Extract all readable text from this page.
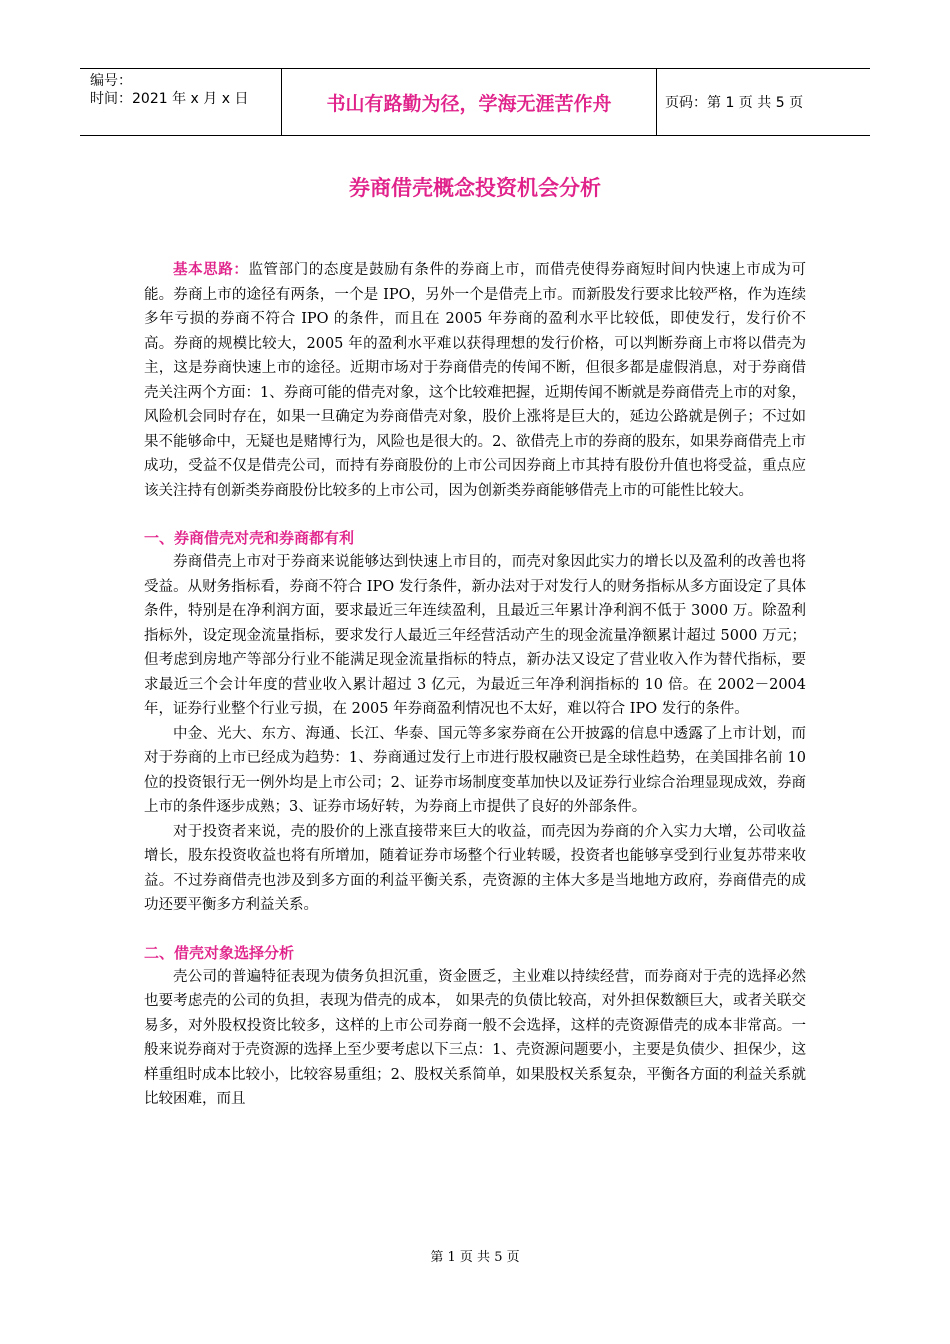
编号：
时间：2021 年 x 月 x 日	书山有路勤为径，学海无涯苦作舟	页码：第 1 页 共 5 页
券商借壳概念投资机会分析

基本思路：监管部门的态度是鼓励有条件的券商上市，而借壳使得券商短时间内快速上市成为可能。券商上市的途径有两条，一个是 IPO，另外一个是借壳上市。而新股发行要求比较严格，作为连续多年亏损的券商不符合 IPO 的条件，而且在 2005 年券商的盈利水平比较低，即使发行，发行价不高。券商的规模比较大，2005 年的盈利水平难以获得理想的发行价格，可以判断券商上市将以借壳为主，这是券商快速上市的途径。近期市场对于券商借壳的传闻不断，但很多都是虚假消息，对于券商借壳关注两个方面：1、券商可能的借壳对象，这个比较难把握，近期传闻不断就是券商借壳上市的对象，风险机会同时存在，如果一旦确定为券商借壳对象，股价上涨将是巨大的，延边公路就是例子；不过如果不能够命中，无疑也是赌博行为，风险也是很大的。2、欲借壳上市的券商的股东，如果券商借壳上市成功，受益不仅是借壳公司，而持有券商股份的上市公司因券商上市其持有股份升值也将受益，重点应该关注持有创新类券商股份比较多的上市公司，因为创新类券商能够借壳上市的可能性比较大。

一、券商借壳对壳和券商都有利

券商借壳上市对于券商来说能够达到快速上市目的，而壳对象因此实力的增长以及盈利的改善也将受益。从财务指标看，券商不符合 IPO 发行条件，新办法对于对发行人的财务指标从多方面设定了具体条件，特别是在净利润方面，要求最近三年连续盈利，且最近三年累计净利润不低于 3000 万。除盈利指标外，设定现金流量指标，要求发行人最近三年经营活动产生的现金流量净额累计超过 5000 万元；但考虑到房地产等部分行业不能满足现金流量指标的特点，新办法又设定了营业收入作为替代指标，要求最近三个会计年度的营业收入累计超过 3 亿元，为最近三年净利润指标的 10 倍。在 2002－2004 年，证券行业整个行业亏损，在 2005 年券商盈利情况也不太好，难以符合 IPO 发行的条件。

中金、光大、东方、海通、长江、华泰、国元等多家券商在公开披露的信息中透露了上市计划，而对于券商的上市已经成为趋势：1、券商通过发行上市进行股权融资已是全球性趋势，在美国排名前 10 位的投资银行无一例外均是上市公司；2、证券市场制度变革加快以及证券行业综合治理显现成效，券商上市的条件逐步成熟；3、证券市场好转，为券商上市提供了良好的外部条件。

对于投资者来说，壳的股价的上涨直接带来巨大的收益，而壳因为券商的介入实力大增，公司收益增长，股东投资收益也将有所增加，随着证券市场整个行业转暖，投资者也能够享受到行业复苏带来收益。不过券商借壳也涉及到多方面的利益平衡关系，壳资源的主体大多是当地地方政府，券商借壳的成功还要平衡多方利益关系。

二、借壳对象选择分析

壳公司的普遍特征表现为债务负担沉重，资金匮乏，主业难以持续经营，而券商对于壳的选择必然也要考虑壳的公司的负担，表现为借壳的成本， 如果壳的负债比较高，对外担保数额巨大，或者关联交易多，对外股权投资比较多，这样的上市公司券商一般不会选择，这样的壳资源借壳的成本非常高。一般来说券商对于壳资源的选择上至少要考虑以下三点：1、壳资源问题要小，主要是负债少、担保少，这样重组时成本比较小，比较容易重组；2、股权关系简单，如果股权关系复杂，平衡各方面的利益关系就比较困难，而且

第 1 页 共 5 页
